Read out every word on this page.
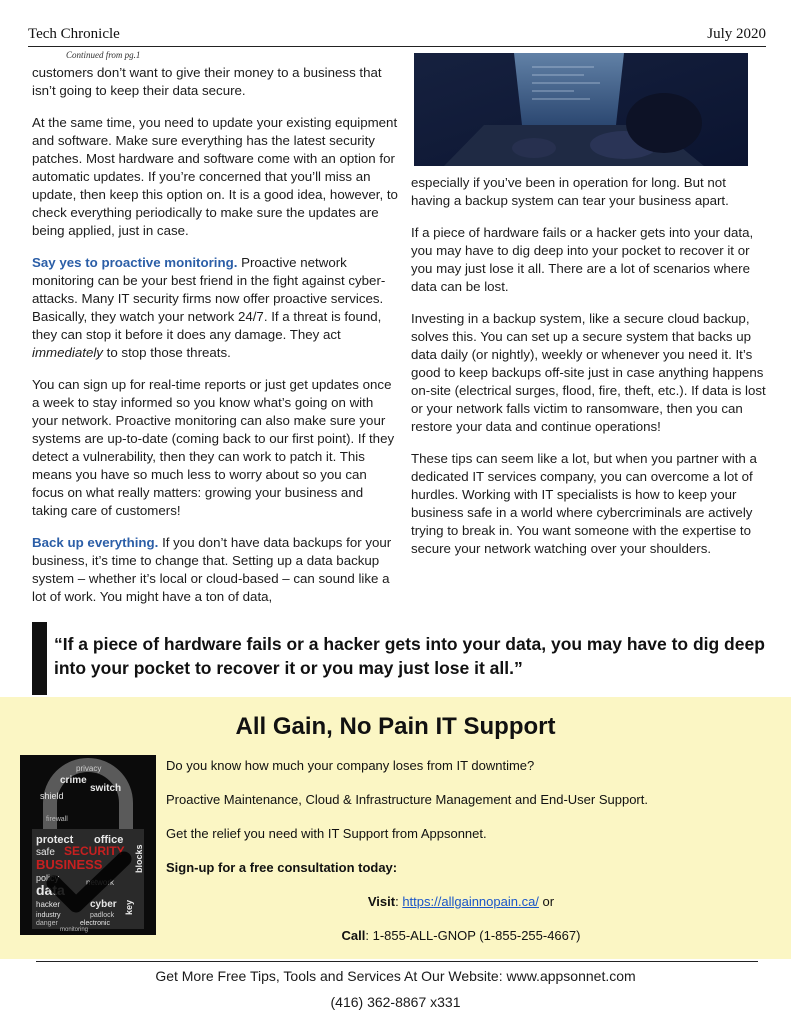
Tech Chronicle	July 2020
Continued from pg.1

customers don’t want to give their money to a business that isn’t going to keep their data secure.

At the same time, you need to update your existing equipment and software. Make sure everything has the latest security patches. Most hardware and software come with an option for automatic updates. If you’re concerned that you’ll miss an update, then keep this option on. It is a good idea, however, to check everything periodically to make sure the updates are being applied, just in case.

Say yes to proactive monitoring. Proactive network monitoring can be your best friend in the fight against cyber-attacks. Many IT security firms now offer proactive services. Basically, they watch your network 24/7. If a threat is found, they can stop it before it does any damage. They act immediately to stop those threats.

You can sign up for real-time reports or just get updates once a week to stay informed so you know what’s going on with your network. Proactive monitoring can also make sure your systems are up-to-date (coming back to our first point). If they detect a vulnerability, then they can work to patch it. This means you have so much less to worry about so you can focus on what really matters: growing your business and taking care of customers!

Back up everything. If you don’t have data backups for your business, it’s time to change that. Setting up a data backup system – whether it’s local or cloud-based – can sound like a lot of work. You might have a ton of data,

especially if you’ve been in operation for long. But not having a backup system can tear your business apart.

If a piece of hardware fails or a hacker gets into your data, you may have to dig deep into your pocket to recover it or you may just lose it all. There are a lot of scenarios where data can be lost.

Investing in a backup system, like a secure cloud backup, solves this. You can set up a secure system that backs up data daily (or nightly), weekly or whenever you need it. It’s good to keep backups off-site just in case anything happens on-site (electrical surges, flood, fire, theft, etc.). If data is lost or your network falls victim to ransomware, then you can restore your data and continue operations!

These tips can seem like a lot, but when you partner with a dedicated IT services company, you can overcome a lot of hurdles. Working with IT specialists is how to keep your business safe in a world where cybercriminals are actively trying to break in. You want someone with the expertise to secure your network watching over your shoulders.

“If a piece of hardware fails or a hacker gets into your data, you may have to dig deep into your pocket to recover it or you may just lose it all.”
All Gain, No Pain IT Support
privacy
crime
switch
shield
firewall
protect office
safe SECURITY
BUSINESS
policy
data
hacker
network
cyber
padlock
industry
danger
monitoring
electronic
key
blocks

Do you know how much your company loses from IT downtime?

Proactive Maintenance, Cloud & Infrastructure Management and End-User Support.

Get the relief you need with IT Support from Appsonnet.

Sign-up for a free consultation today:

Visit: https://allgainnopain.ca/ or

Call: 1-855-ALL-GNOP (1-855-255-4667)

Get More Free Tips, Tools and Services At Our Website: www.appsonnet.com
(416) 362-8867 x331
